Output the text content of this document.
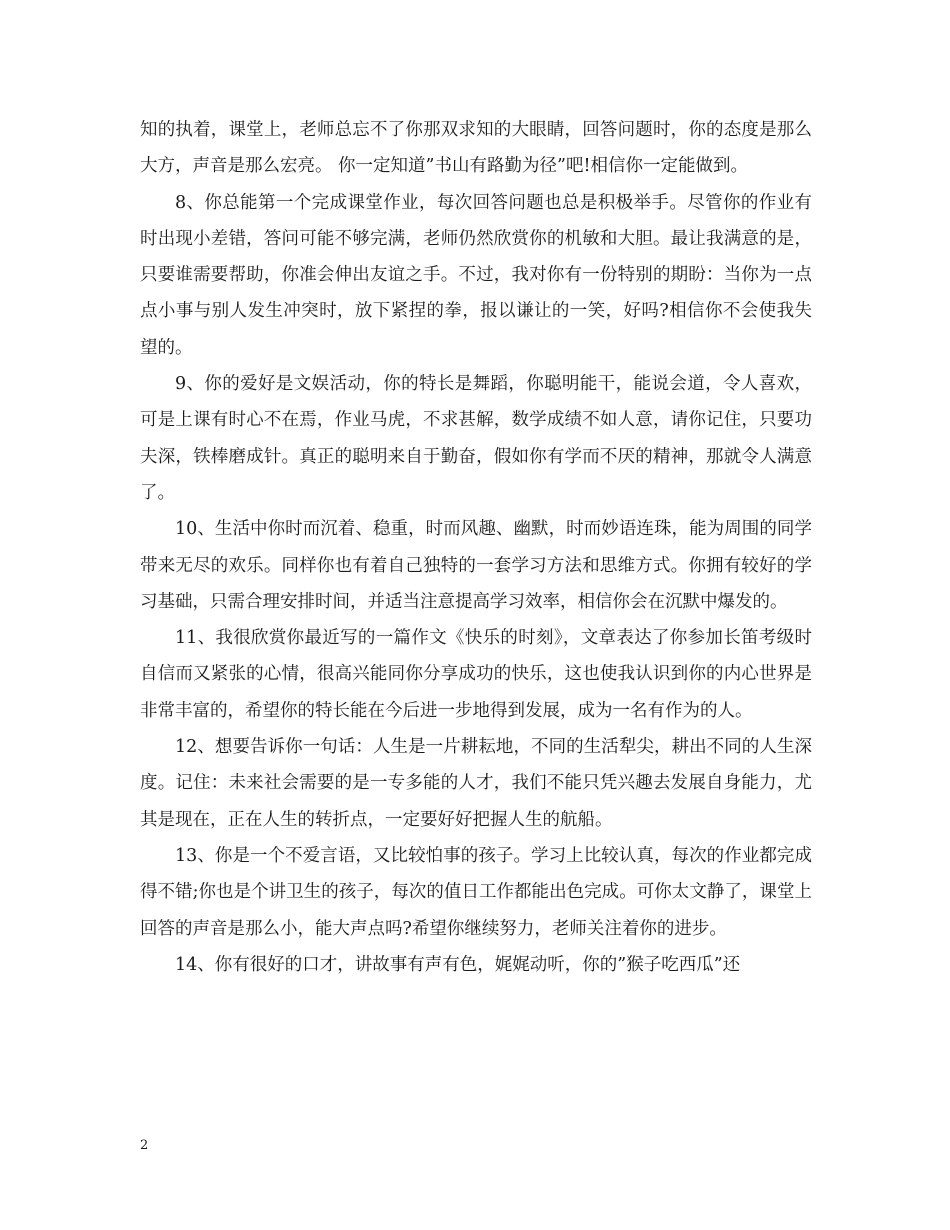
知的执着，课堂上，老师总忘不了你那双求知的大眼睛，回答问题时，你的态度是那么大方，声音是那么宏亮。 你一定知道”书山有路勤为径”吧!相信你一定能做到。

8、你总能第一个完成课堂作业，每次回答问题也总是积极举手。尽管你的作业有时出现小差错，答问可能不够完满，老师仍然欣赏你的机敏和大胆。最让我满意的是，只要谁需要帮助，你准会伸出友谊之手。不过，我对你有一份特别的期盼：当你为一点点小事与别人发生冲突时，放下紧捏的拳，报以谦让的一笑，好吗?相信你不会使我失望的。

9、你的爱好是文娱活动，你的特长是舞蹈，你聪明能干，能说会道，令人喜欢，可是上课有时心不在焉，作业马虎，不求甚解，数学成绩不如人意，请你记住，只要功夫深，铁棒磨成针。真正的聪明来自于勤奋，假如你有学而不厌的精神，那就令人满意了。

10、生活中你时而沉着、稳重，时而风趣、幽默，时而妙语连珠，能为周围的同学带来无尽的欢乐。同样你也有着自己独特的一套学习方法和思维方式。你拥有较好的学习基础，只需合理安排时间，并适当注意提高学习效率，相信你会在沉默中爆发的。

11、我很欣赏你最近写的一篇作文《快乐的时刻》，文章表达了你参加长笛考级时自信而又紧张的心情，很高兴能同你分享成功的快乐，这也使我认识到你的内心世界是非常丰富的，希望你的特长能在今后进一步地得到发展，成为一名有作为的人。

12、想要告诉你一句话：人生是一片耕耘地，不同的生活犁尖，耕出不同的人生深度。记住：未来社会需要的是一专多能的人才，我们不能只凭兴趣去发展自身能力，尤其是现在，正在人生的转折点，一定要好好把握人生的航船。

13、你是一个不爱言语，又比较怕事的孩子。学习上比较认真，每次的作业都完成得不错;你也是个讲卫生的孩子，每次的值日工作都能出色完成。可你太文静了，课堂上回答的声音是那么小，能大声点吗?希望你继续努力，老师关注着你的进步。

14、你有很好的口才，讲故事有声有色，娓娓动听，你的”猴子吃西瓜”还

2
